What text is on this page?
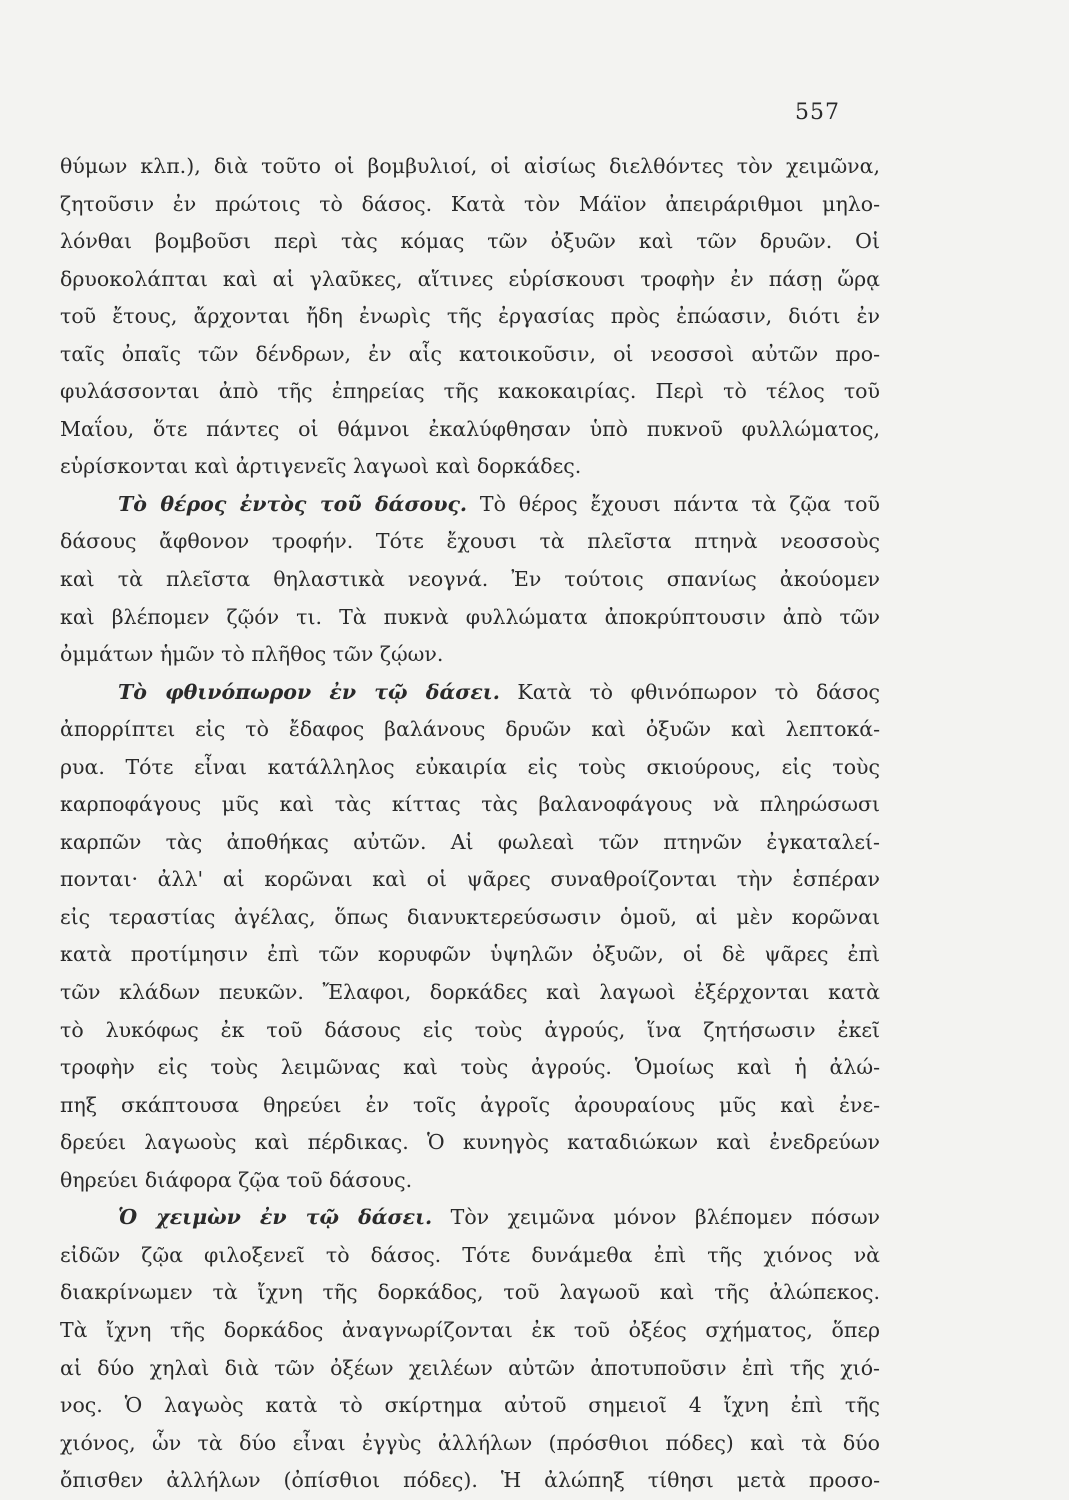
557
θύμων κλπ.), διὰ τοῦτο οἱ βομβυλιοί, οἱ αἰσίως διελθόντες τὸν χειμῶνα,
ζητοῦσιν ἐν πρώτοις τὸ δάσος. Κατὰ τὸν Μάϊον ἀπειράριθμοι μηλο-
λόνθαι βομβοῦσι περὶ τὰς κόμας τῶν ὀξυῶν καὶ τῶν δρυῶν. Οἱ
δρυοκολάπται καὶ αἱ γλαῦκες, αἵτινες εὑρίσκουσι τροφὴν ἐν πάσῃ ὥρᾳ
τοῦ ἔτους, ἄρχονται ἤδη ἐνωρὶς τῆς ἐργασίας πρὸς ἐπώασιν, διότι ἐν
ταῖς ὀπαῖς τῶν δένδρων, ἐν αἷς κατοικοῦσιν, οἱ νεοσσοὶ αὐτῶν προ-
φυλάσσονται ἀπὸ τῆς ἐπηρείας τῆς κακοκαιρίας. Περὶ τὸ τέλος τοῦ
Μαΐου, ὅτε πάντες οἱ θάμνοι ἐκαλύφθησαν ὑπὸ πυκνοῦ φυλλώματος,
εὑρίσκονται καὶ ἀρτιγενεῖς λαγωοὶ καὶ δορκάδες.
Τὸ θέρος ἐντὸς τοῦ δάσους. Τὸ θέρος ἔχουσι πάντα τὰ ζῷα τοῦ
δάσους ἄφθονον τροφήν. Τότε ἔχουσι τὰ πλεῖστα πτηνὰ νεοσσοὺς
καὶ τὰ πλεῖστα θηλαστικὰ νεογνά. Ἐν τούτοις σπανίως ἀκούομεν
καὶ βλέπομεν ζῷόν τι. Τὰ πυκνὰ φυλλώματα ἀποκρύπτουσιν ἀπὸ τῶν
ὀμμάτων ἡμῶν τὸ πλῆθος τῶν ζῴων.
Τὸ φθινόπωρον ἐν τῷ δάσει. Κατὰ τὸ φθινόπωρον τὸ δάσος
ἀπορρίπτει εἰς τὸ ἔδαφος βαλάνους δρυῶν καὶ ὀξυῶν καὶ λεπτοκά-
ρυα. Τότε εἶναι κατάλληλος εὐκαιρία εἰς τοὺς σκιούρους, εἰς τοὺς
καρποφάγους μῦς καὶ τὰς κίττας τὰς βαλανοφάγους νὰ πληρώσωσι
καρπῶν τὰς ἀποθήκας αὐτῶν. Αἱ φωλεαὶ τῶν πτηνῶν ἐγκαταλεί-
πονται· ἀλλ' αἱ κορῶναι καὶ οἱ ψᾶρες συναθροίζονται τὴν ἑσπέραν
εἰς τεραστίας ἀγέλας, ὅπως διανυκτερεύσωσιν ὁμοῦ, αἱ μὲν κορῶναι
κατὰ προτίμησιν ἐπὶ τῶν κορυφῶν ὑψηλῶν ὀξυῶν, οἱ δὲ ψᾶρες ἐπὶ
τῶν κλάδων πευκῶν. Ἔλαφοι, δορκάδες καὶ λαγωοὶ ἐξέρχονται κατὰ
τὸ λυκόφως ἐκ τοῦ δάσους εἰς τοὺς ἀγρούς, ἵνα ζητήσωσιν ἐκεῖ
τροφὴν εἰς τοὺς λειμῶνας καὶ τοὺς ἀγρούς. Ὁμοίως καὶ ἡ ἀλώ-
πηξ σκάπτουσα θηρεύει ἐν τοῖς ἀγροῖς ἀρουραίους μῦς καὶ ἐνε-
δρεύει λαγωοὺς καὶ πέρδικας. Ὁ κυνηγὸς καταδιώκων καὶ ἐνεδρεύων
θηρεύει διάφορα ζῷα τοῦ δάσους.
Ὁ χειμὼν ἐν τῷ δάσει. Τὸν χειμῶνα μόνον βλέπομεν πόσων
εἰδῶν ζῷα φιλοξενεῖ τὸ δάσος. Τότε δυνάμεθα ἐπὶ τῆς χιόνος νὰ
διακρίνωμεν τὰ ἴχνη τῆς δορκάδος, τοῦ λαγωοῦ καὶ τῆς ἀλώπεκος.
Τὰ ἴχνη τῆς δορκάδος ἀναγνωρίζονται ἐκ τοῦ ὀξέος σχήματος, ὅπερ
αἱ δύο χηλαὶ διὰ τῶν ὀξέων χειλέων αὐτῶν ἀποτυποῦσιν ἐπὶ τῆς χιό-
νος. Ὁ λαγωὸς κατὰ τὸ σκίρτημα αὐτοῦ σημειοῖ 4 ἴχνη ἐπὶ τῆς
χιόνος, ὧν τὰ δύο εἶναι ἐγγὺς ἀλλήλων (πρόσθιοι πόδες) καὶ τὰ δύο
ὄπισθεν ἀλλήλων (ὀπίσθιοι πόδες). Ἡ ἀλώπηξ τίθησι μετὰ προσο-
